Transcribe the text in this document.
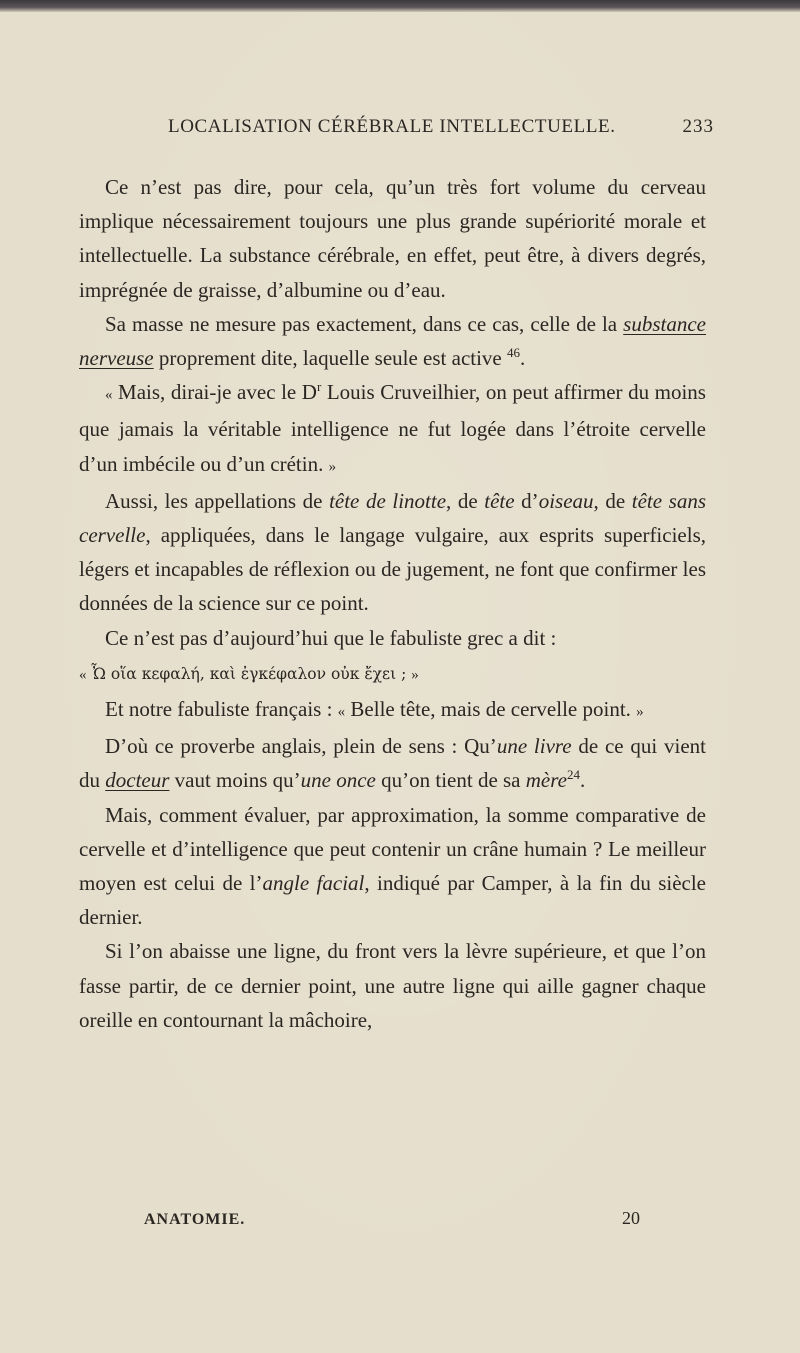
LOCALISATION CÉRÉBRALE INTELLECTUELLE.	233

Ce n’est pas dire, pour cela, qu’un très fort volume du cerveau implique nécessairement toujours une plus grande supériorité morale et intellectuelle. La substance cérébrale, en effet, peut être, à divers degrés, imprégnée de graisse, d’albumine ou d’eau.

Sa masse ne mesure pas exactement, dans ce cas, celle de la substance nerveuse proprement dite, laquelle seule est active $^{46}$.

« Mais, dirai-je avec le $D^r$ Louis Cruveilhier, on peut affirmer du moins que jamais la véritable intelligence ne fut logée dans l’étroite cervelle d’un imbécile ou d’un crétin. »

Aussi, les appellations de tête de linotte, de tête d’oiseau, de tête sans cervelle, appliquées, dans le langage vulgaire, aux esprits superficiels, légers et incapables de réflexion ou de jugement, ne font que confirmer les données de la science sur ce point.

Ce n’est pas d’aujourd’hui que le fabuliste grec a dit :

« Ὦ οἵα κεφαλή, καὶ ἐγκέφαλον οὐκ ἔχει ; »

Et notre fabuliste français : « Belle tête, mais de cervelle point. »

D’où ce proverbe anglais, plein de sens : Qu’une livre de ce qui vient du docteur vaut moins qu’une once qu’on tient de sa mère$^{24}$.

Mais, comment évaluer, par approximation, la somme comparative de cervelle et d’intelligence que peut contenir un crâne humain ? Le meilleur moyen est celui de l’angle facial, indiqué par Camper, à la fin du siècle dernier.

Si l’on abaisse une ligne, du front vers la lèvre supérieure, et que l’on fasse partir, de ce dernier point, une autre ligne qui aille gagner chaque oreille en contournant la mâchoire,

ANATOMIE.	20
